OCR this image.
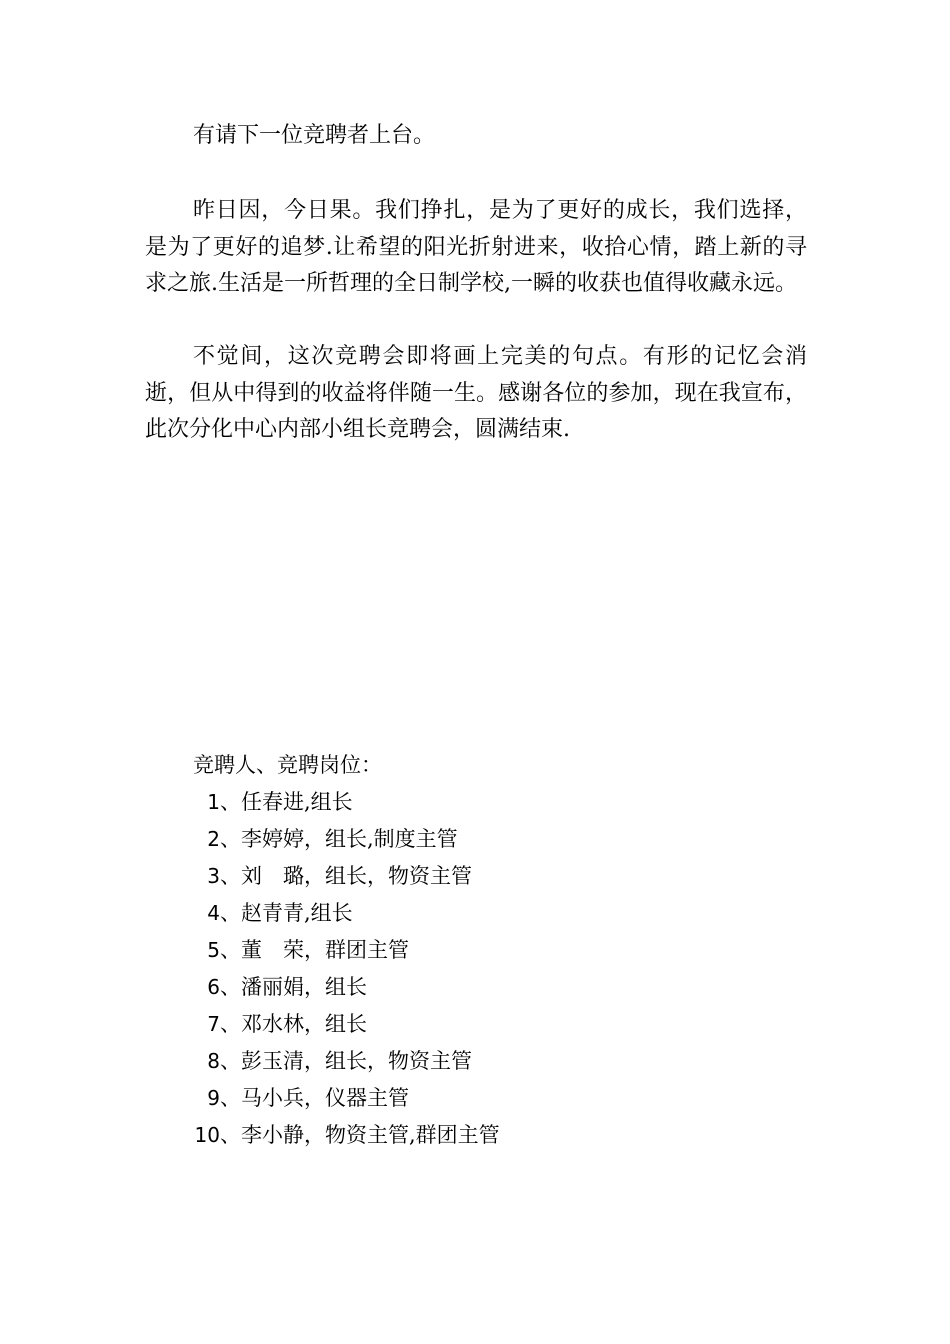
有请下一位竞聘者上台。

昨日因，今日果。我们挣扎，是为了更好的成长，我们选择，是为了更好的追梦.让希望的阳光折射进来，收拾心情，踏上新的寻求之旅.生活是一所哲理的全日制学校,一瞬的收获也值得收藏永远。

不觉间，这次竞聘会即将画上完美的句点。有形的记忆会消逝，但从中得到的收益将伴随一生。感谢各位的参加，现在我宣布，此次分化中心内部小组长竞聘会，圆满结束.

竞聘人、竞聘岗位：

1、任春进,组长
2、李婷婷，组长,制度主管
3、刘　璐，组长，物资主管
4、赵青青,组长
5、董　荣，群团主管
6、潘丽娟，组长
7、邓水林，组长
8、彭玉清，组长，物资主管
9、马小兵，仪器主管
10、李小静，物资主管,群团主管
